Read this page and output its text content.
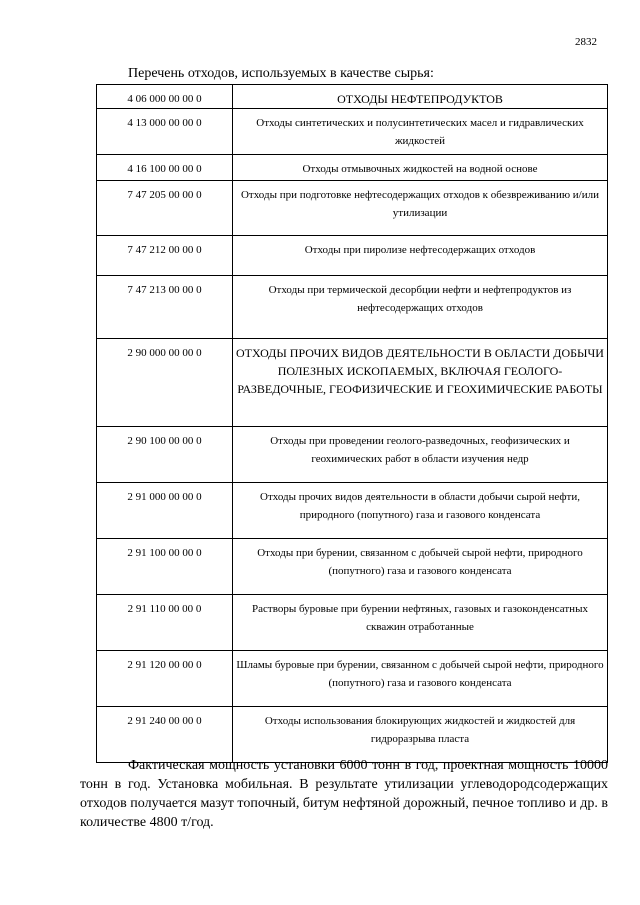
2832
Перечень отходов, используемых в качестве сырья:
4 06 000 00 00 0	ОТХОДЫ НЕФТЕПРОДУКТОВ
4 13 000 00 00 0	Отходы синтетических и полусинтетических масел и гидравлических жидкостей
4 16 100 00 00 0	Отходы отмывочных жидкостей на водной основе
7 47 205 00 00 0	Отходы при подготовке нефтесодержащих отходов к обезвреживанию и/или утилизации
7 47 212 00 00 0	Отходы при пиролизе нефтесодержащих отходов
7 47 213 00 00 0	Отходы при термической десорбции нефти и нефтепродуктов из нефтесодержащих отходов
2 90 000 00 00 0	ОТХОДЫ ПРОЧИХ ВИДОВ ДЕЯТЕЛЬНОСТИ В ОБЛАСТИ ДОБЫЧИ ПОЛЕЗНЫХ ИСКОПАЕМЫХ, ВКЛЮЧАЯ ГЕОЛОГО-РАЗВЕДОЧНЫЕ, ГЕОФИЗИЧЕСКИЕ И ГЕОХИМИЧЕСКИЕ РАБОТЫ
2 90 100 00 00 0	Отходы при проведении геолого-разведочных, геофизических и геохимических работ в области изучения недр
2 91 000 00 00 0	Отходы прочих видов деятельности в области добычи сырой нефти, природного (попутного) газа и газового конденсата
2 91 100 00 00 0	Отходы при бурении, связанном с добычей сырой нефти, природного (попутного) газа и газового конденсата
2 91 110 00 00 0	Растворы буровые при бурении нефтяных, газовых и газоконденсатных скважин отработанные
2 91 120 00 00 0	Шламы буровые при бурении, связанном с добычей сырой нефти, природного (попутного) газа и газового конденсата
2 91 240 00 00 0	Отходы использования блокирующих жидкостей и жидкостей для гидроразрыва пласта

Фактическая мощность установки 6000 тонн в год, проектная мощность 10000 тонн в год. Установка мобильная. В результате утилизации углеводородсодержащих отходов получается мазут топочный, битум нефтяной дорожный, печное топливо и др. в количестве 4800 т/год.
